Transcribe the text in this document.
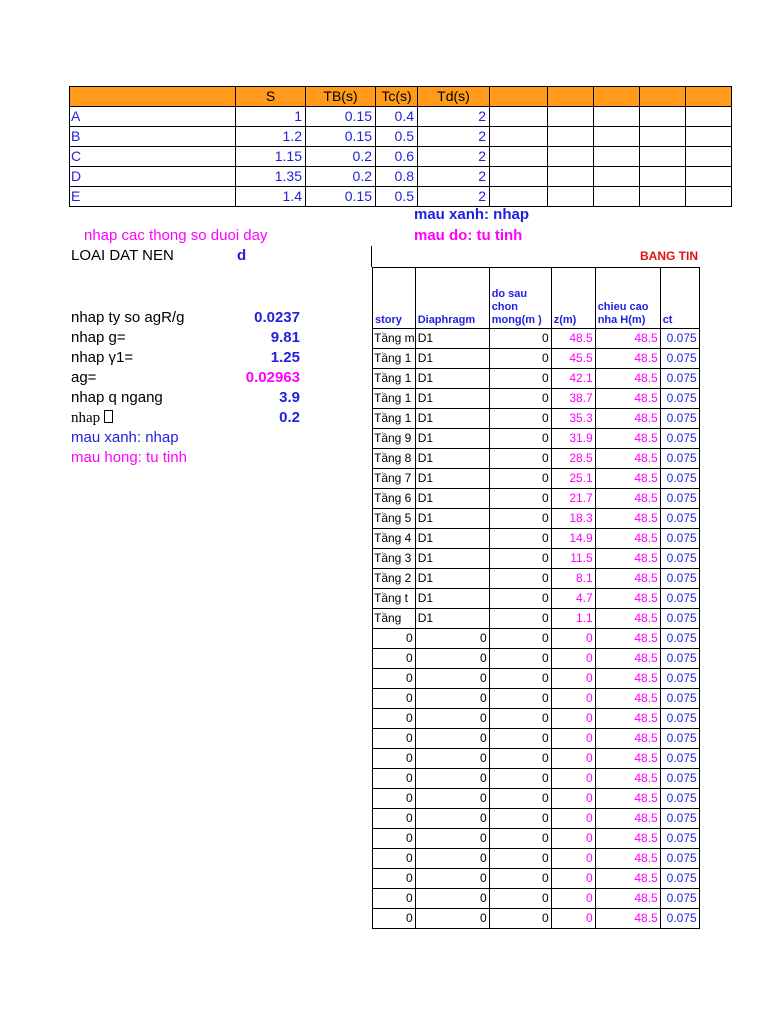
	S	TB(s)	Tc(s)	Td(s)					
A	1	0.15	0.4	2					
B	1.2	0.15	0.5	2					
C	1.15	0.2	0.6	2					
D	1.35	0.2	0.8	2					
E	1.4	0.15	0.5	2					
mau xanh: nhap
nhap cac thong so duoi day	mau do: tu tinh
LOAI DAT NEN	d
nhap ty so agR/g	0.0237
nhap g=	9.81
nhap γ1=	1.25
ag=	0.02963
nhap q ngang	3.9
nhap	0.2
mau xanh: nhap
mau hong: tu tinh
BANG TIN
story	Diaphragm	do sau chon mong(m )	z(m)	chieu cao nha H(m)	ct
Tầng m	D1	0	48.5	48.5	0.075
Tầng 1	D1	0	45.5	48.5	0.075
Tầng 1	D1	0	42.1	48.5	0.075
Tầng 1	D1	0	38.7	48.5	0.075
Tầng 1	D1	0	35.3	48.5	0.075
Tầng 9	D1	0	31.9	48.5	0.075
Tầng 8	D1	0	28.5	48.5	0.075
Tầng 7	D1	0	25.1	48.5	0.075
Tầng 6	D1	0	21.7	48.5	0.075
Tầng 5	D1	0	18.3	48.5	0.075
Tầng 4	D1	0	14.9	48.5	0.075
Tầng 3	D1	0	11.5	48.5	0.075
Tầng 2	D1	0	8.1	48.5	0.075
Tầng t	D1	0	4.7	48.5	0.075
Tầng	D1	0	1.1	48.5	0.075
0	0	0	0	48.5	0.075
0	0	0	0	48.5	0.075
0	0	0	0	48.5	0.075
0	0	0	0	48.5	0.075
0	0	0	0	48.5	0.075
0	0	0	0	48.5	0.075
0	0	0	0	48.5	0.075
0	0	0	0	48.5	0.075
0	0	0	0	48.5	0.075
0	0	0	0	48.5	0.075
0	0	0	0	48.5	0.075
0	0	0	0	48.5	0.075
0	0	0	0	48.5	0.075
0	0	0	0	48.5	0.075
0	0	0	0	48.5	0.075
